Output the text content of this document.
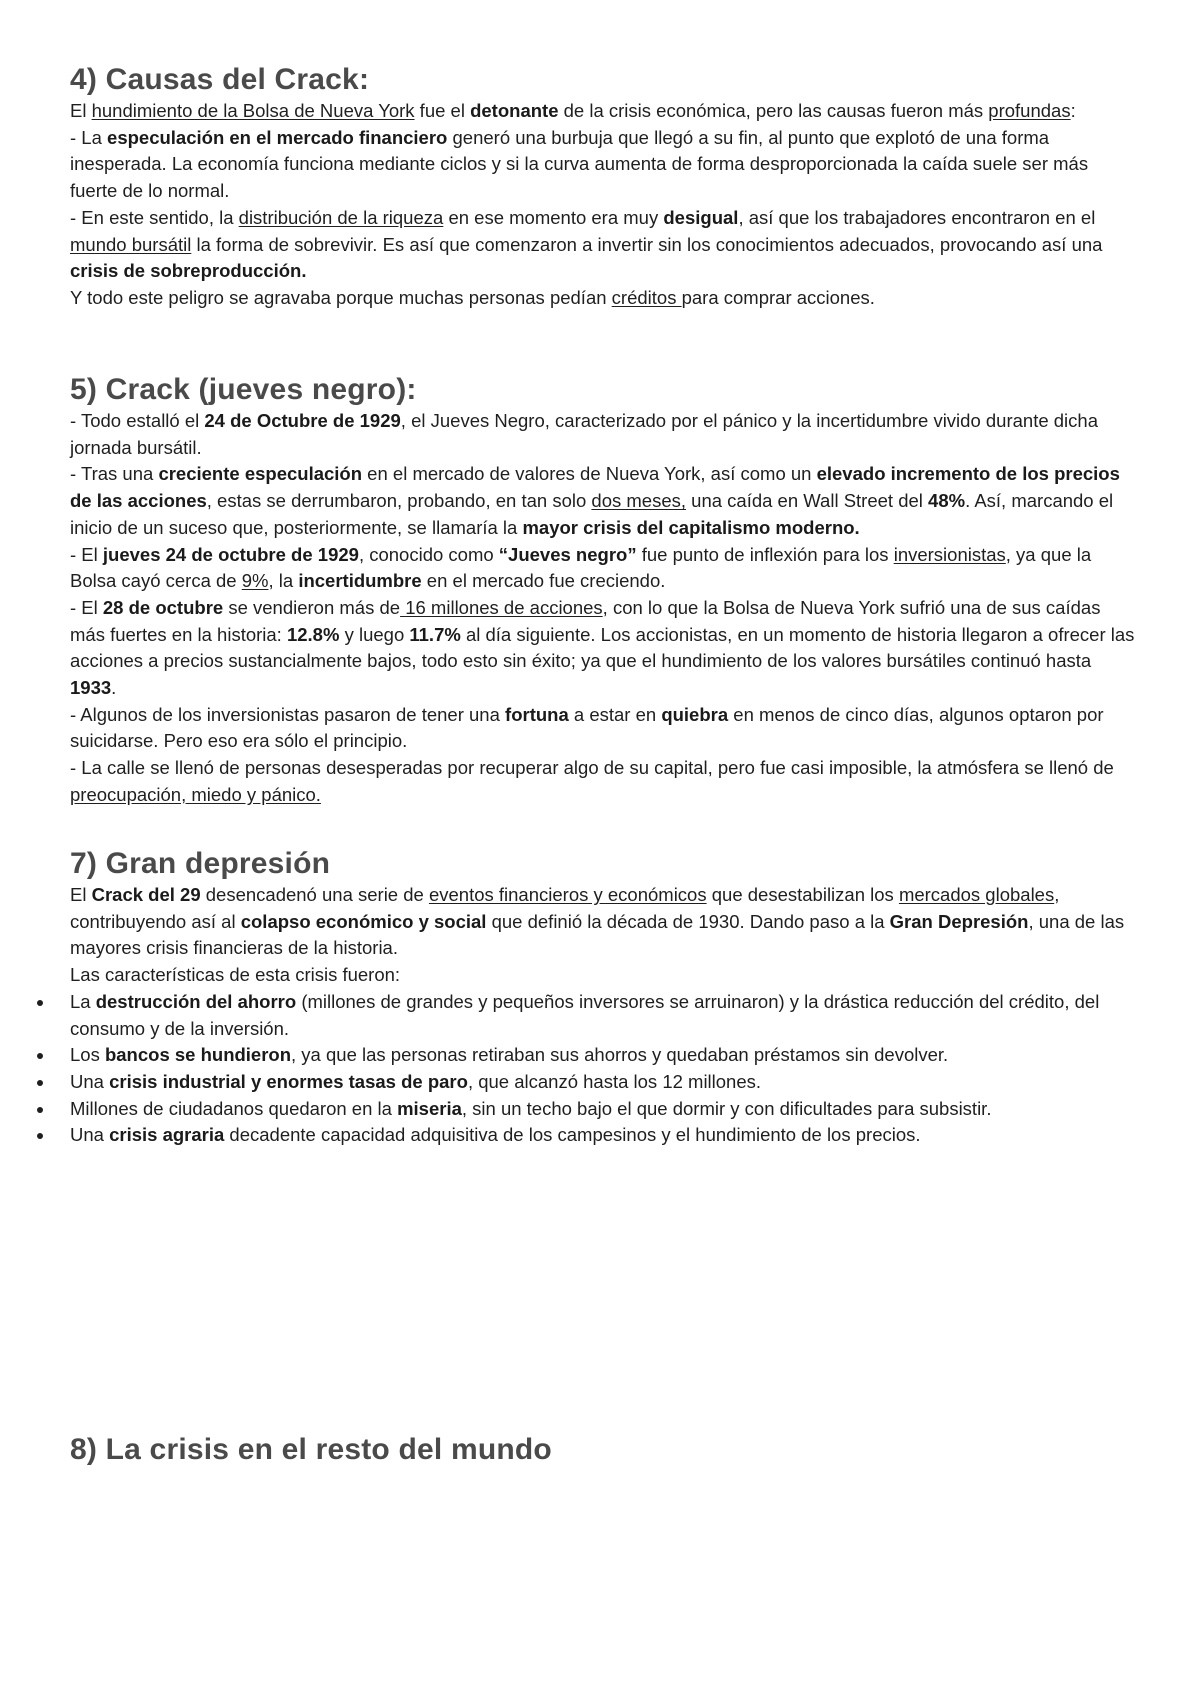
4) Causas del Crack:

El hundimiento de la Bolsa de Nueva York fue el detonante de la crisis económica, pero las causas fueron más profundas:

- La especulación en el mercado financiero generó una burbuja que llegó a su fin, al punto que explotó de una forma inesperada. La economía funciona mediante ciclos y si la curva aumenta de forma desproporcionada la caída suele ser más fuerte de lo normal.

- En este sentido, la distribución de la riqueza en ese momento era muy desigual, así que los trabajadores encontraron en el mundo bursátil la forma de sobrevivir. Es así que comenzaron a invertir sin los conocimientos adecuados, provocando así una crisis de sobreproducción.

Y todo este peligro se agravaba porque muchas personas pedían créditos para comprar acciones.

5) Crack (jueves negro):

- Todo estalló el 24 de Octubre de 1929, el Jueves Negro, caracterizado por el pánico y la incertidumbre vivido durante dicha jornada bursátil.

- Tras una creciente especulación en el mercado de valores de Nueva York, así como un elevado incremento de los precios de las acciones, estas se derrumbaron, probando, en tan solo dos meses, una caída en Wall Street del 48%. Así, marcando el inicio de un suceso que, posteriormente, se llamaría la mayor crisis del capitalismo moderno.

- El jueves 24 de octubre de 1929, conocido como “Jueves negro” fue punto de inflexión para los inversionistas, ya que la Bolsa cayó cerca de 9%, la incertidumbre en el mercado fue creciendo.

- El 28 de octubre se vendieron más de 16 millones de acciones, con lo que la Bolsa de Nueva York sufrió una de sus caídas más fuertes en la historia: 12.8% y luego 11.7% al día siguiente. Los accionistas, en un momento de historia llegaron a ofrecer las acciones a precios sustancialmente bajos, todo esto sin éxito; ya que el hundimiento de los valores bursátiles continuó hasta 1933.

- Algunos de los inversionistas pasaron de tener una fortuna a estar en quiebra en menos de cinco días, algunos optaron por suicidarse. Pero eso era sólo el principio.

- La calle se llenó de personas desesperadas por recuperar algo de su capital, pero fue casi imposible, la atmósfera se llenó de preocupación, miedo y pánico.

7) Gran depresión

El Crack del 29 desencadenó una serie de eventos financieros y económicos que desestabilizan los mercados globales, contribuyendo así al colapso económico y social que definió la década de 1930. Dando paso a la Gran Depresión, una de las mayores crisis financieras de la historia.

Las características de esta crisis fueron:

La destrucción del ahorro (millones de grandes y pequeños inversores se arruinaron) y la drástica reducción del crédito, del consumo y de la inversión.
Los bancos se hundieron, ya que las personas retiraban sus ahorros y quedaban préstamos sin devolver.
Una crisis industrial y enormes tasas de paro, que alcanzó hasta los 12 millones.
Millones de ciudadanos quedaron en la miseria, sin un techo bajo el que dormir y con dificultades para subsistir.
Una crisis agraria decadente capacidad adquisitiva de los campesinos y el hundimiento de los precios.
8) La crisis en el resto del mundo
